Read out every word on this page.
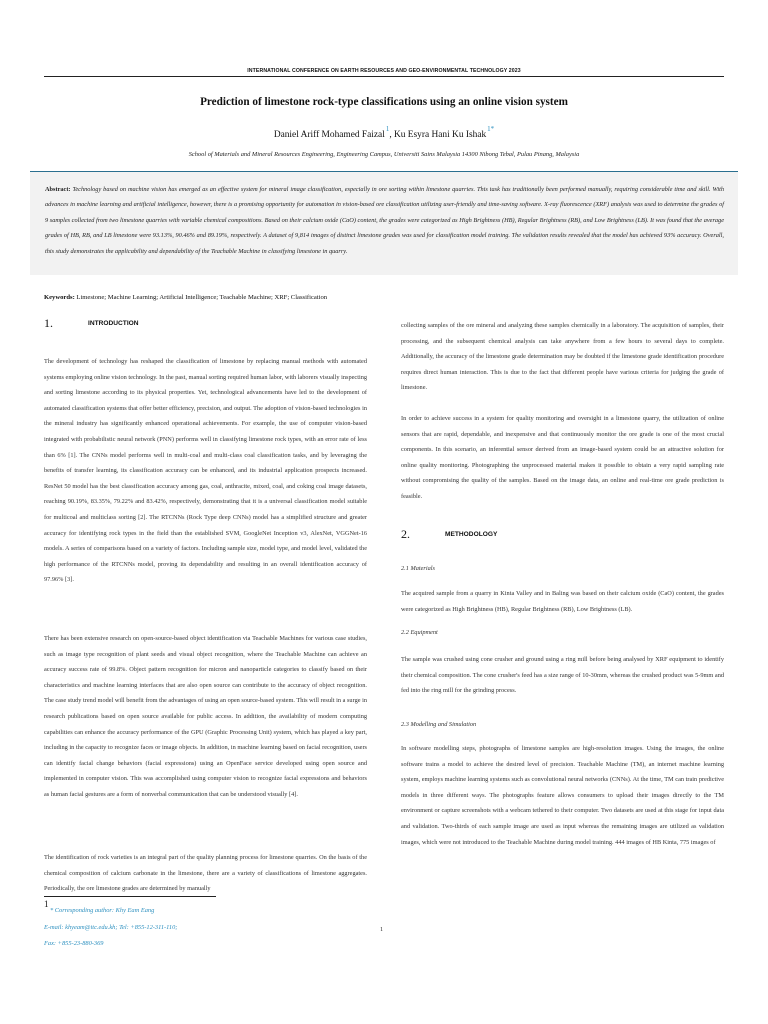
INTERNATIONAL CONFERENCE ON EARTH RESOURCES AND GEO-ENVIRONMENTAL TECHNOLOGY 2023
Prediction of limestone rock-type classifications using an online vision system
Daniel Ariff Mohamed Faizal$^1$, Ku Esyra Hani Ku Ishak$^{1*}$
School of Materials and Mineral Resources Engineering, Engineering Campus, Universiti Sains Malaysia 14300 Nibong Tebal, Pulau Pinang, Malaysia
Abstract: Technology based on machine vision has emerged as an effective system for mineral image classification, especially in ore sorting within limestone quarries. This task has traditionally been performed manually, requiring considerable time and skill. With advances in machine learning and artificial intelligence, however, there is a promising opportunity for automation in vision-based ore classification utilizing user-friendly and time-saving software. X-ray fluorescence (XRF) analysis was used to determine the grades of 9 samples collected from two limestone quarries with variable chemical compositions. Based on their calcium oxide (CaO) content, the grades were categorized as High Brightness (HB), Regular Brightness (RB), and Low Brightness (LB). It was found that the average grades of HB, RB, and LB limestone were 93.13%, 90.46% and 89.19%, respectively. A dataset of 9,814 images of distinct limestone grades was used for classification model training. The validation results revealed that the model has achieved 93% accuracy. Overall, this study demonstrates the applicability and dependability of the Teachable Machine in classifying limestone in quarry.
Keywords: Limestone; Machine Learning; Artificial Intelligence; Teachable Machine; XRF; Classification
1.	INTRODUCTION

The development of technology has reshaped the classification of limestone by replacing manual methods with automated systems employing online vision technology. In the past, manual sorting required human labor, with laborers visually inspecting and sorting limestone according to its physical properties. Yet, technological advancements have led to the development of automated classification systems that offer better efficiency, precision, and output. The adoption of vision-based technologies in the mineral industry has significantly enhanced operational achievements. For example, the use of computer vision-based integrated with probabilistic neural network (PNN) performs well in classifying limestone rock types, with an error rate of less than 6% [1]. The CNNs model performs well in multi-coal and multi-class coal classification tasks, and by leveraging the benefits of transfer learning, its classification accuracy can be enhanced, and its industrial application prospects increased. ResNet 50 model has the best classification accuracy among gas, coal, anthracite, mixed, coal, and coking coal image datasets, reaching 90.19%, 83.35%, 79.22% and 83.42%, respectively, demonstrating that it is a universal classification model suitable for multicoal and multiclass sorting [2]. The RTCNNs (Rock Type deep CNNs) model has a simplified structure and greater accuracy for identifying rock types in the field than the established SVM, GoogleNet Inception v3, AlexNet, VGGNet-16 models. A series of comparisons based on a variety of factors. Including sample size, model type, and model level, validated the high performance of the RTCNNs model, proving its dependability and resulting in an overall identification accuracy of 97.96% [3].

There has been extensive research on open-source-based object identification via Teachable Machines for various case studies, such as image type recognition of plant seeds and visual object recognition, where the Teachable Machine can achieve an accuracy success rate of 99.8%. Object pattern recognition for micron and nanoparticle categories to classify based on their characteristics and machine learning interfaces that are also open source can contribute to the accuracy of object recognition. The case study trend model will benefit from the advantages of using an open source-based system. This will result in a surge in research publications based on open source available for public access. In addition, the availability of modern computing capabilities can enhance the accuracy performance of the GPU (Graphic Processing Unit) system, which has played a key part, including in the capacity to recognize faces or image objects. In addition, in machine learning based on facial recognition, users can identify facial change behaviors (facial expressions) using an OpenFace service developed using open source and implemented in computer vision. This was accomplished using computer vision to recognize facial expressions and behaviors as human facial gestures are a form of nonverbal communication that can be understood visually [4].

The identification of rock varieties is an integral part of the quality planning process for limestone quarries. On the basis of the chemical composition of calcium carbonate in the limestone, there are a variety of classifications of limestone aggregates. Periodically, the ore limestone grades are determined by manually

collecting samples of the ore mineral and analyzing these samples chemically in a laboratory. The acquisition of samples, their processing, and the subsequent chemical analysis can take anywhere from a few hours to several days to complete. Additionally, the accuracy of the limestone grade determination may be doubted if the limestone grade identification procedure requires direct human interaction. This is due to the fact that different people have various criteria for judging the grade of limestone.

In order to achieve success in a system for quality monitoring and oversight in a limestone quarry, the utilization of online sensors that are rapid, dependable, and inexpensive and that continuously monitor the ore grade is one of the most crucial components. In this scenario, an inferential sensor derived from an image-based system could be an attractive solution for online quality monitoring. Photographing the unprocessed material makes it possible to obtain a very rapid sampling rate without compromising the quality of the samples. Based on the image data, an online and real-time ore grade prediction is feasible.

2.	METHODOLOGY
2.1 Materials

The acquired sample from a quarry in Kinta Valley and in Baling was based on their calcium oxide (CaO) content, the grades were categorized as High Brightness (HB), Regular Brightness (RB), Low Brightness (LB).

2.2 Equipment

The sample was crushed using cone crusher and ground using a ring mill before being analysed by XRF equipment to identify their chemical composition. The cone crusher's feed has a size range of 10-30mm, whereas the crushed product was 5-9mm and fed into the ring mill for the grinding process.

2.3 Modelling and Simulation

In software modelling steps, photographs of limestone samples are high-resolution images. Using the images, the online software trains a model to achieve the desired level of precision. Teachable Machine (TM), an internet machine learning system, employs machine learning systems such as convolutional neural networks (CNNs). At the time, TM can train predictive models in three different ways. The photographs feature allows consumers to upload their images directly to the TM environment or capture screenshots with a webcam tethered to their computer. Two datasets are used at this stage for input data and validation. Two-thirds of each sample image are used as input whereas the remaining images are utilized as validation images, which were not introduced to the Teachable Machine during model training. 444 images of HB Kinta, 775 images of

1
* Corresponding author: Khy Eam Eang
E-mail: khyeam@itc.edu.kh; Tel: +855-12-311-110;
Fax: +855-23-880-369
1
